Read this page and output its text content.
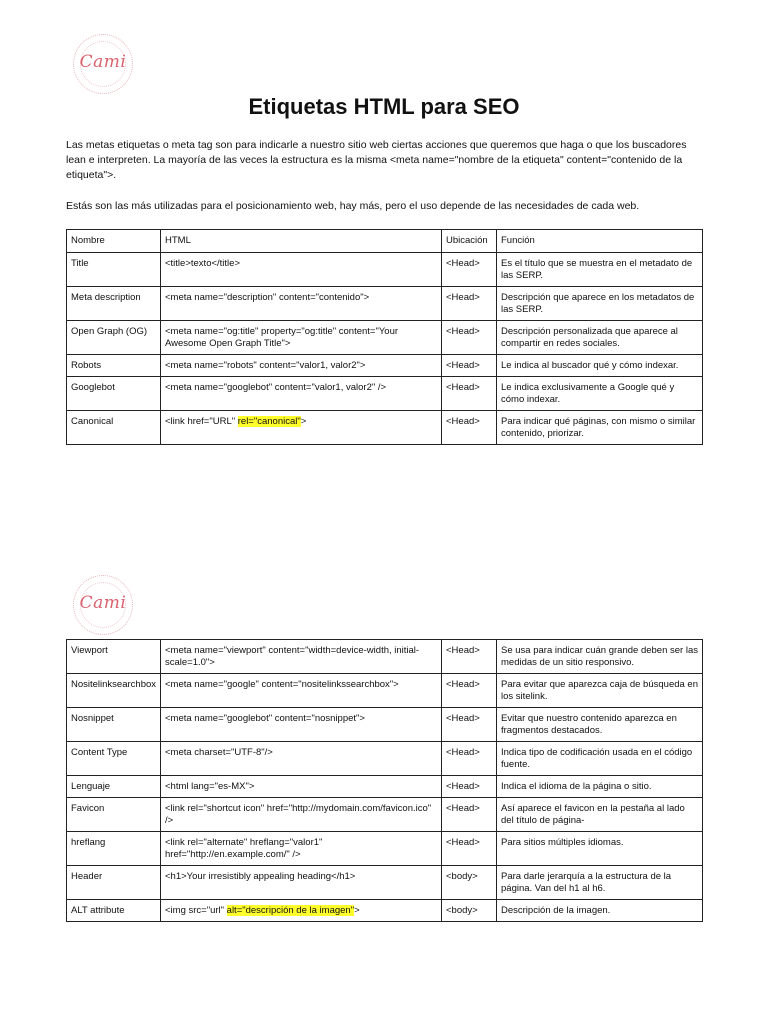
Cami
Etiquetas HTML para SEO

Las metas etiquetas o meta tag son para indicarle a nuestro sitio web ciertas acciones que queremos que haga o que los buscadores lean e interpreten. La mayoría de las veces la estructura es la misma <meta name="nombre de la etiqueta" content="contenido de la etiqueta">.

Estás son las más utilizadas para el posicionamiento web, hay más, pero el uso depende de las necesidades de cada web.

Nombre	HTML	Ubicación	Función
Title	<title>texto</title>	<Head>	Es el título que se muestra en el metadato de las SERP.
Meta description	<meta name="description" content="contenido">	<Head>	Descripción que aparece en los metadatos de las SERP.
Open Graph (OG)	<meta name="og:title" property="og:title" content="Your Awesome Open Graph Title">	<Head>	Descripción personalizada que aparece al compartir en redes sociales.
Robots	<meta name="robots" content="valor1, valor2">	<Head>	Le indica al buscador qué y cómo indexar.
Googlebot	<meta name="googlebot" content="valor1, valor2" />	<Head>	Le indica exclusivamente a Google qué y cómo indexar.
Canonical	<link href="URL" rel="canonical">	<Head>	Para indicar qué páginas, con mismo o similar contenido, priorizar.
Cami
Viewport	<meta name="viewport" content="width=device-width, initial-scale=1.0">	<Head>	Se usa para indicar cuán grande deben ser las medidas de un sitio responsivo.
Nositelinksearchbox	<meta name="google" content="nositelinkssearchbox">	<Head>	Para evitar que aparezca caja de búsqueda en los sitelink.
Nosnippet	<meta name="googlebot" content="nosnippet">	<Head>	Evitar que nuestro contenido aparezca en fragmentos destacados.
Content Type	<meta charset="UTF-8"/>	<Head>	Indica tipo de codificación usada en el código fuente.
Lenguaje	<html lang="es-MX">	<Head>	Indica el idioma de la página o sitio.
Favicon	<link rel="shortcut icon" href="http://mydomain.com/favicon.ico" />	<Head>	Así aparece el favicon en la pestaña al lado del título de página-
hreflang	<link rel="alternate" hreflang="valor1" href="http://en.example.com/" />	<Head>	Para sitios múltiples idiomas.
Header	<h1>Your irresistibly appealing heading</h1>	<body>	Para darle jerarquía a la estructura de la página. Van del h1 al h6.
ALT attribute	<img src="url" alt="descripción de la imagen">	<body>	Descripción de la imagen.
